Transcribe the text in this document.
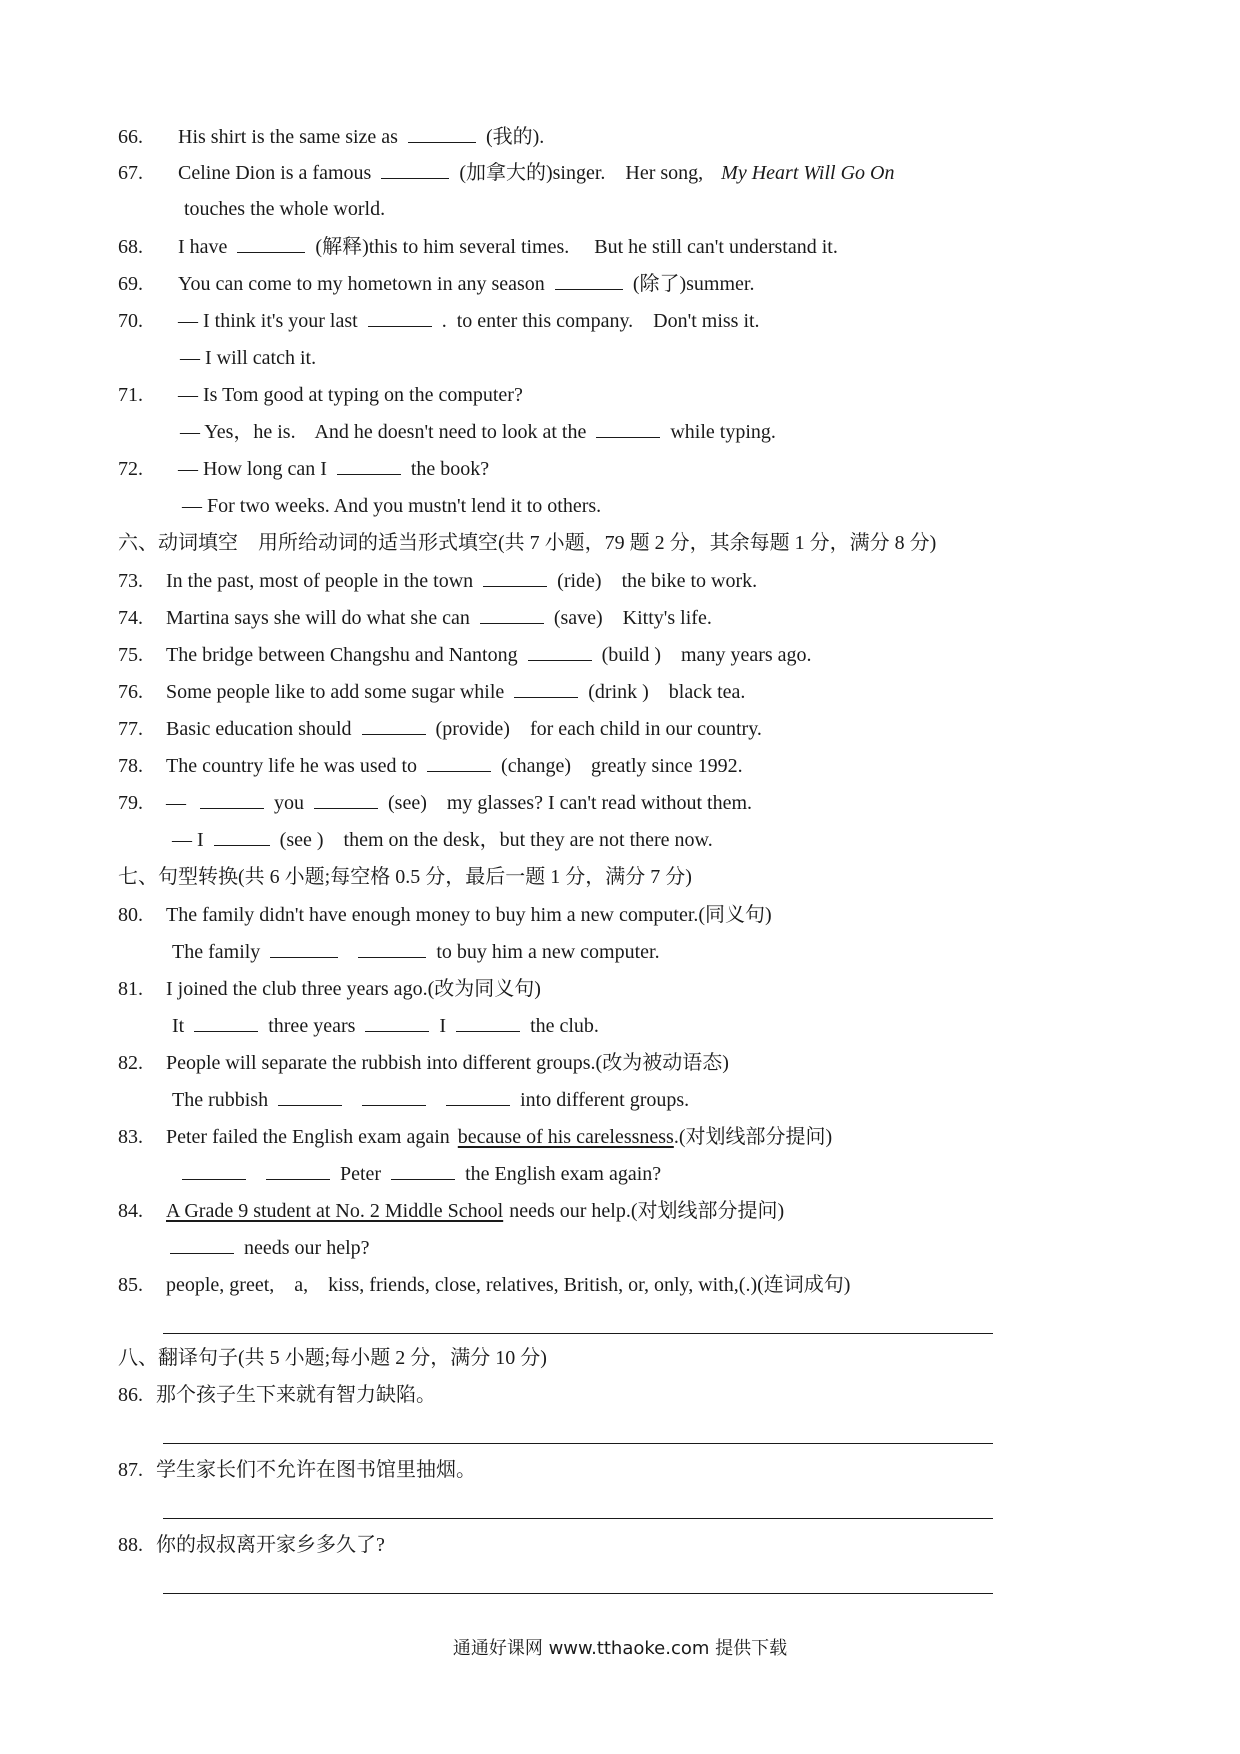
66. His shirt is the same size as	(我的).
67. Celine Dion is a famous	(加拿大的)singer.    Her song, My Heart Will Go On
touches the whole world.
68. I have	(解释)this to him several times.     But he still can't understand it.
69. You can come to my hometown in any season	(除了)summer.
70. — I think it's your last	.  to enter this company.    Don't miss it.
— I will catch it.
71. — Is Tom good at typing on the computer?
— Yes，he is.    And he doesn't need to look at the	while typing.
72. — How long can I	the book?
— For two weeks. And you mustn't lend it to others.
六、动词填空    用所给动词的适当形式填空(共 7 小题，79 题 2 分，其余每题 1 分，满分 8 分)
73. In the past, most of people in the town	(ride)    the bike to work.
74. Martina says she will do what she can	(save)    Kitty's life.
75. The bridge between Changshu and Nantong	(build )    many years ago.
76. Some people like to add some sugar while	(drink )    black tea.
77. Basic education should	(provide)    for each child in our country.
78. The country life he was used to	(change)    greatly since 1992.
79. —	you	(see)    my glasses? I can't read without them.
— I	(see )    them on the desk，but they are not there now.
七、句型转换(共 6 小题;每空格 0.5 分，最后一题 1 分，满分 7 分)
80. The family didn't have enough money to buy him a new computer.(同义句)
The family	to buy him a new computer.
81. I joined the club three years ago.(改为同义句)
It	three years	I	the club.
82. People will separate the rubbish into different groups.(改为被动语态)
The rubbish	into different groups.
83. Peter failed the English exam again because of his carelessness .(对划线部分提问)
Peter	the English exam again?
84. A Grade 9 student at No. 2 Middle School needs our help.(对划线部分提问)
needs our help?
85. people, greet,    a,    kiss, friends, close, relatives, British, or, only, with,(.)(连词成句)
八、翻译句子(共 5 小题;每小题 2 分，满分 10 分)
86. 那个孩子生下来就有智力缺陷。
87. 学生家长们不允许在图书馆里抽烟。
88. 你的叔叔离开家乡多久了?
通通好课网 www.tthaoke.com 提供下载
